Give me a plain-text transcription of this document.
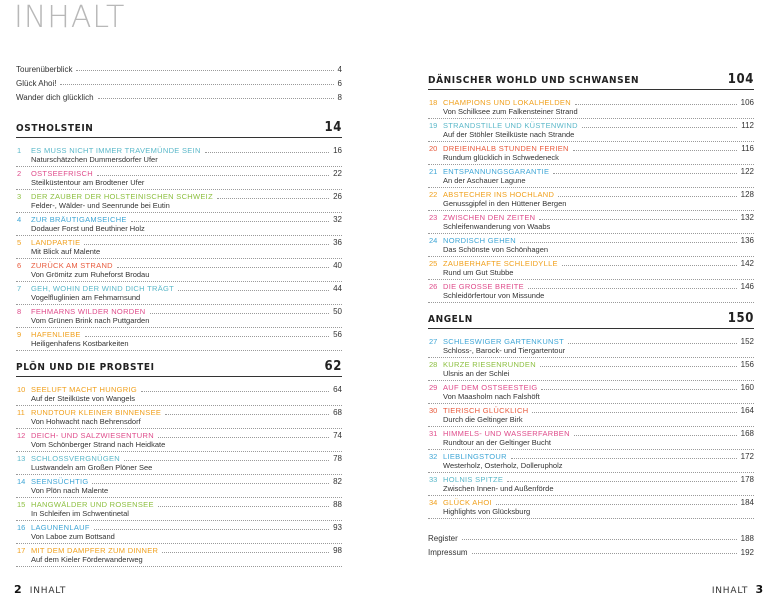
INHALT
Tourenüberblick	4
Glück Ahoi!	6
Wander dich glücklich	8
OSTHOLSTEIN	14
1	ES MUSS NICHT IMMER TRAVEMÜNDE SEIN	16
Naturschätzchen Dummersdorfer Ufer
2	OSTSEEFRISCH	22
Steilküstentour am Brodtener Ufer
3	DER ZAUBER DER HOLSTEINISCHEN SCHWEIZ	26
Felder-, Wälder- und Seenrunde bei Eutin
4	ZUR BRÄUTIGAMSEICHE	32
Dodauer Forst und Beuthiner Holz
5	LANDPARTIE	36
Mit Blick auf Malente
6	ZURÜCK AM STRAND	40
Von Grömitz zum Ruheforst Brodau
7	GEH, WOHIN DER WIND DICH TRÄGT	44
Vogelfluglinien am Fehmarnsund
8	FEHMARNS WILDER NORDEN	50
Vom Grünen Brink nach Puttgarden
9	HAFENLIEBE	56
Heiligenhafens Kostbarkeiten
PLÖN UND DIE PROBSTEI	62
10 SEELUFT MACHT HUNGRIG	64
Auf der Steilküste von Wangels
11 RUNDTOUR KLEINER BINNENSEE	68
Von Hohwacht nach Behrensdorf
12 DEICH- UND SALZWIESENTURN	74
Vom Schönberger Strand nach Heidkate
13 SCHLOSSVERGNÜGEN	78
Lustwandeln am Großen Plöner See
14 SEENSÜCHTIG	82
Von Plön nach Malente
15 HANGWÄLDER UND ROSENSEE	88
In Schleifen im Schwentinetal
16 LAGUNENLAUF	93
Von Laboe zum Bottsand
17 MIT DEM DAMPFER ZUM DINNER	98
Auf dem Kieler Förderwanderweg
DÄNISCHER WOHLD UND SCHWANSEN	104
18 CHAMPIONS UND LOKALHELDEN	106
Von Schilksee zum Falkensteiner Strand
19 STRANDSTILLE UND KÜSTENWIND	112
Auf der Stöhler Steilküste nach Strande
20 DREIEINHALB STUNDEN FERIEN	116
Rundum glücklich in Schwedeneck
21 ENTSPANNUNGSGARANTIE	122
An der Aschauer Lagune
22 ABSTECHER INS HOCHLAND	128
Genussgipfel in den Hüttener Bergen
23 ZWISCHEN DEN ZEITEN	132
Schleifenwanderung von Waabs
24 NORDISCH GEHEN	136
Das Schönste von Schönhagen
25 ZAUBERHAFTE SCHLEIDYLLE	142
Rund um Gut Stubbe
26 DIE GROSSE BREITE	146
Schleidörfertour von Missunde
ANGELN	150
27 SCHLESWIGER GARTENKUNST	152
Schloss-, Barock- und Tiergartentour
28 KURZE RIESENRUNDEN	156
Ulsnis an der Schlei
29 AUF DEM OSTSEESTEIG	160
Von Maasholm nach Falshöft
30 TIERISCH GLÜCKLICH	164
Durch die Geltinger Birk
31 HIMMELS- UND WASSERFARBEN	168
Rundtour an der Geltinger Bucht
32 LIEBLINGSTOUR	172
Westerholz, Osterholz, Dollerupholz
33 HOLNIS SPITZE	178
Zwischen Innen- und Außenförde
34 GLÜCK AHOI	184
Highlights von Glücksburg
Register	188
Impressum	192
2 INHALT	INHALT 3
